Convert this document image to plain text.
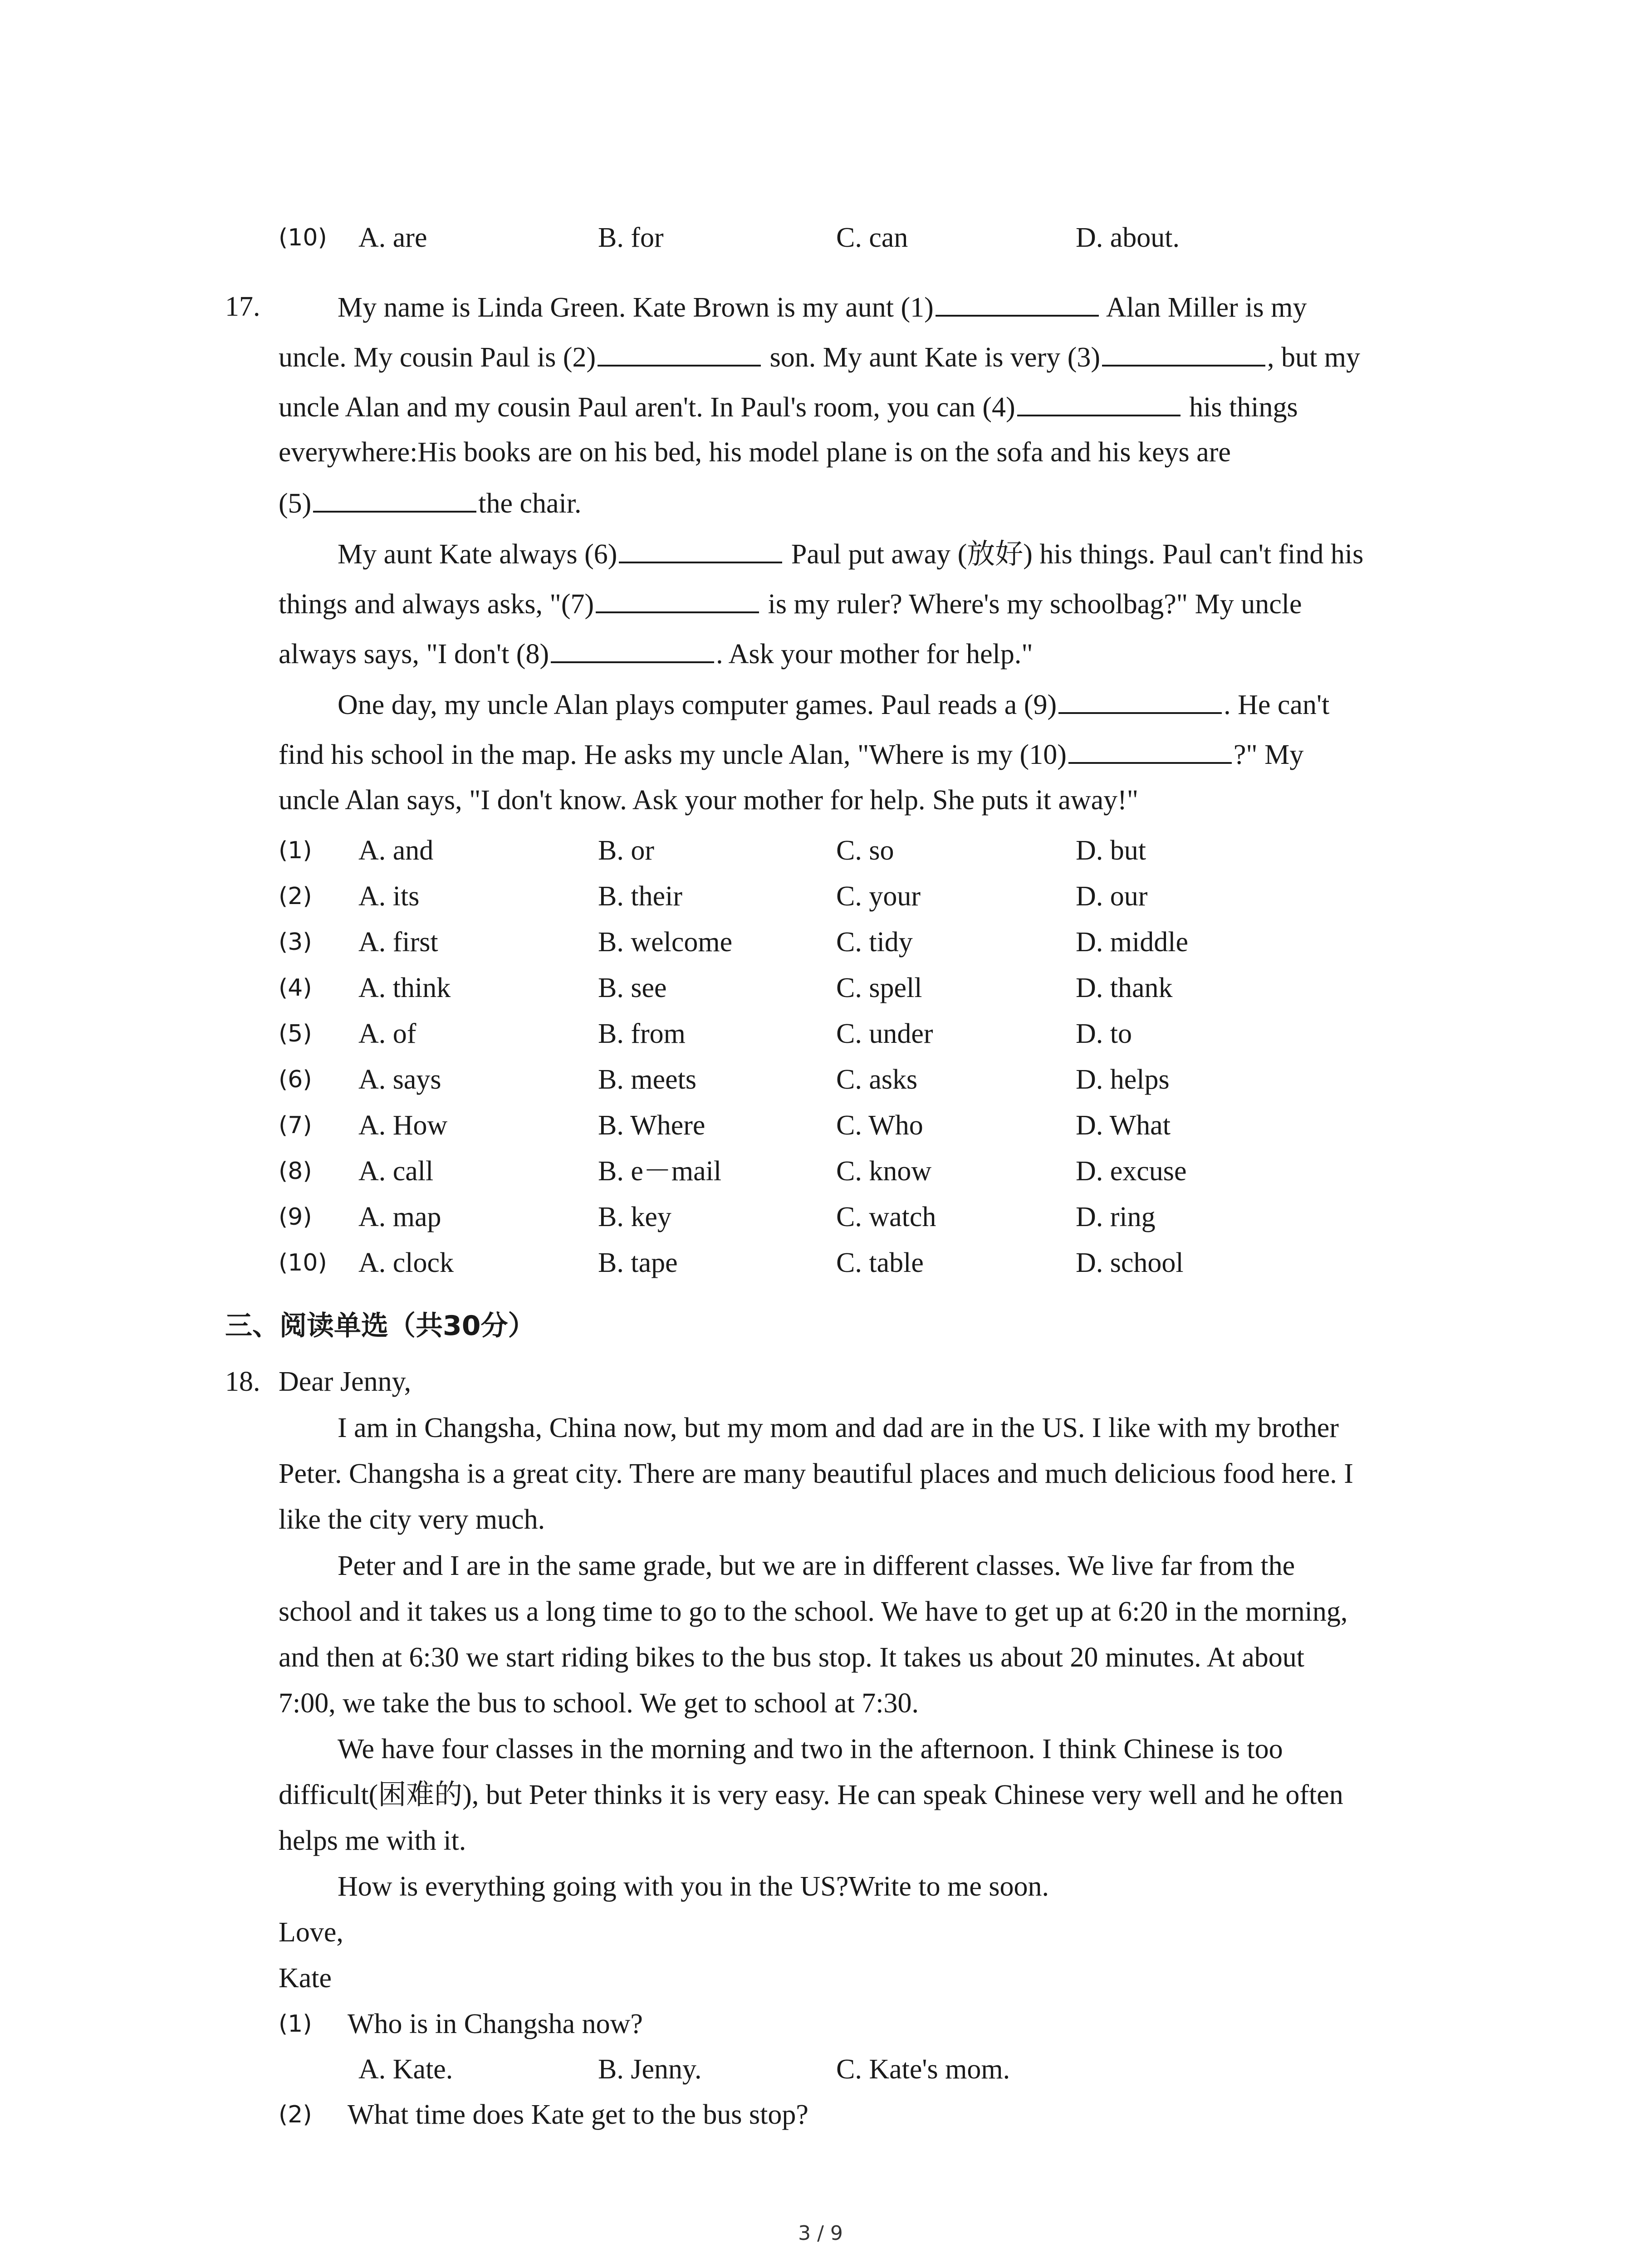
(10) A. are	B. for	C. can	D. about.
17.	My name is Linda Green. Kate Brown is my aunt (1)	Alan Miller is my
uncle. My cousin Paul is (2)	son. My aunt Kate is very (3)	, but my
uncle Alan and my cousin Paul aren't. In Paul's room, you can (4)	his things
everywhere:His books are on his bed, his model plane is on the sofa and his keys are
(5)	the chair.
My aunt Kate always (6)	Paul put away (放好) his things. Paul can't find his
things and always asks, "(7)	is my ruler? Where's my schoolbag?" My uncle
always says, "I don't (8)	. Ask your mother for help."
One day, my uncle Alan plays computer games. Paul reads a (9)	. He can't
find his school in the map. He asks my uncle Alan, "Where is my (10)	?" My
uncle Alan says, "I don't know. Ask your mother for help. She puts it away!"
(1) A. and	B. or	C. so	D. but
(2) A. its	B. their	C. your	D. our
(3) A. first	B. welcome	C. tidy	D. middle
(4) A. think	B. see	C. spell	D. thank
(5) A. of	B. from	C. under	D. to
(6) A. says	B. meets	C. asks	D. helps
(7) A. How	B. Where	C. Who	D. What
(8) A. call	B. e－mail	C. know	D. excuse
(9) A. map	B. key	C. watch	D. ring
(10) A. clock	B. tape	C. table	D. school
三、阅读单选（共30分）
18. Dear Jenny,
I am in Changsha, China now, but my mom and dad are in the US. I like with my brother
Peter. Changsha is a great city. There are many beautiful places and much delicious food here. I
like the city very much.
Peter and I are in the same grade, but we are in different classes. We live far from the
school and it takes us a long time to go to the school. We have to get up at 6:20 in the morning,
and then at 6:30 we start riding bikes to the bus stop. It takes us about 20 minutes. At about
7:00, we take the bus to school. We get to school at 7:30.
We have four classes in the morning and two in the afternoon. I think Chinese is too
difficult(困难的), but Peter thinks it is very easy. He can speak Chinese very well and he often
helps me with it.
How is everything going with you in the US?Write to me soon.
Love,
Kate
(1) Who is in Changsha now?
A. Kate.	B. Jenny.	C. Kate's mom.
(2) What time does Kate get to the bus stop?
3 / 9
